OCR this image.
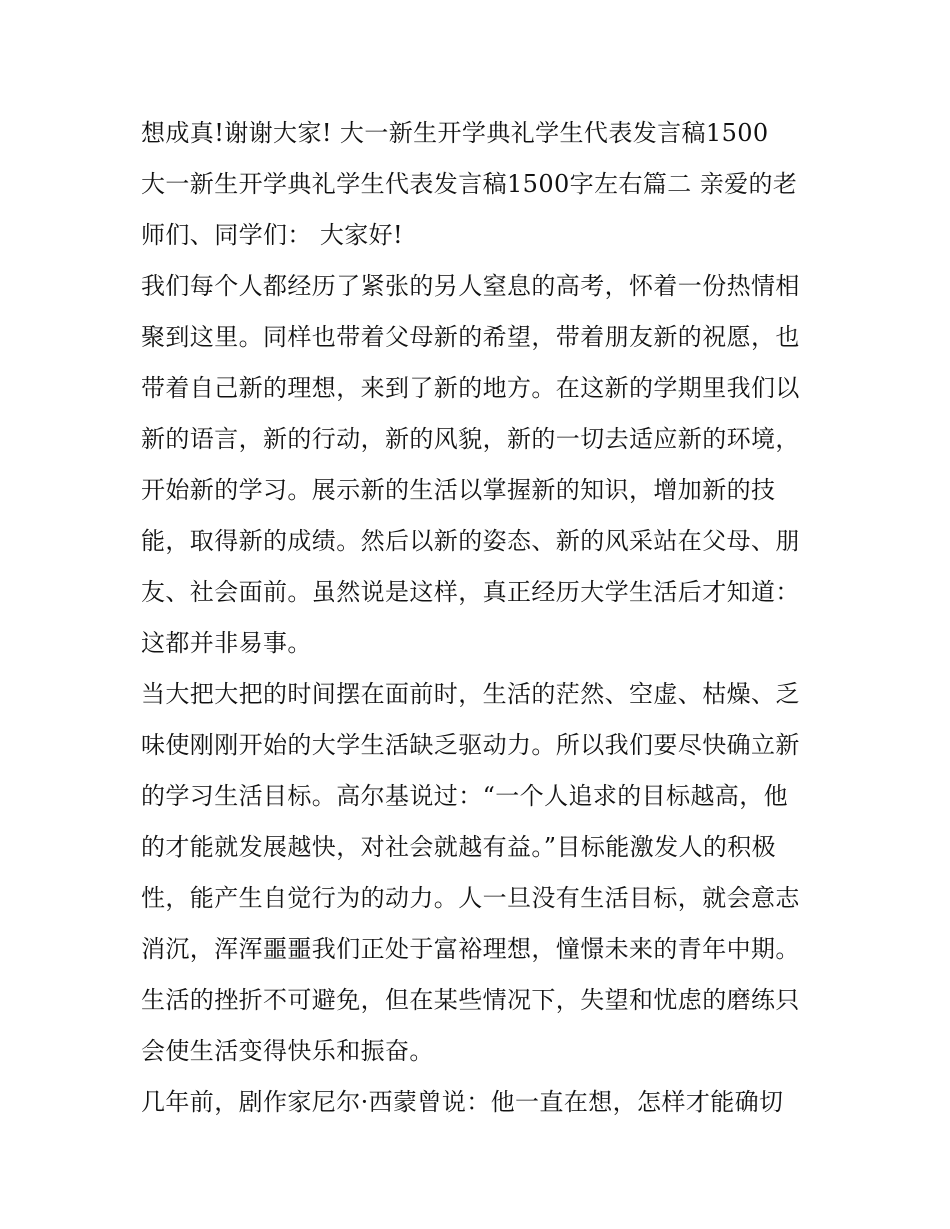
想成真!谢谢大家! 大一新生开学典礼学生代表发言稿1500

大一新生开学典礼学生代表发言稿1500字左右篇二 亲爱的老

师们、同学们： 大家好!

我们每个人都经历了紧张的另人窒息的高考，怀着一份热情相

聚到这里。同样也带着父母新的希望，带着朋友新的祝愿，也

带着自己新的理想，来到了新的地方。在这新的学期里我们以

新的语言，新的行动，新的风貌，新的一切去适应新的环境，

开始新的学习。展示新的生活以掌握新的知识，增加新的技

能，取得新的成绩。然后以新的姿态、新的风采站在父母、朋

友、社会面前。虽然说是这样，真正经历大学生活后才知道：

这都并非易事。

当大把大把的时间摆在面前时，生活的茫然、空虚、枯燥、乏

味使刚刚开始的大学生活缺乏驱动力。所以我们要尽快确立新

的学习生活目标。高尔基说过：“一个人追求的目标越高，他

的才能就发展越快，对社会就越有益。”目标能激发人的积极

性，能产生自觉行为的动力。人一旦没有生活目标，就会意志

消沉，浑浑噩噩我们正处于富裕理想，憧憬未来的青年中期。

生活的挫折不可避免，但在某些情况下，失望和忧虑的磨练只

会使生活变得快乐和振奋。

几年前，剧作家尼尔·西蒙曾说：他一直在想，怎样才能确切
